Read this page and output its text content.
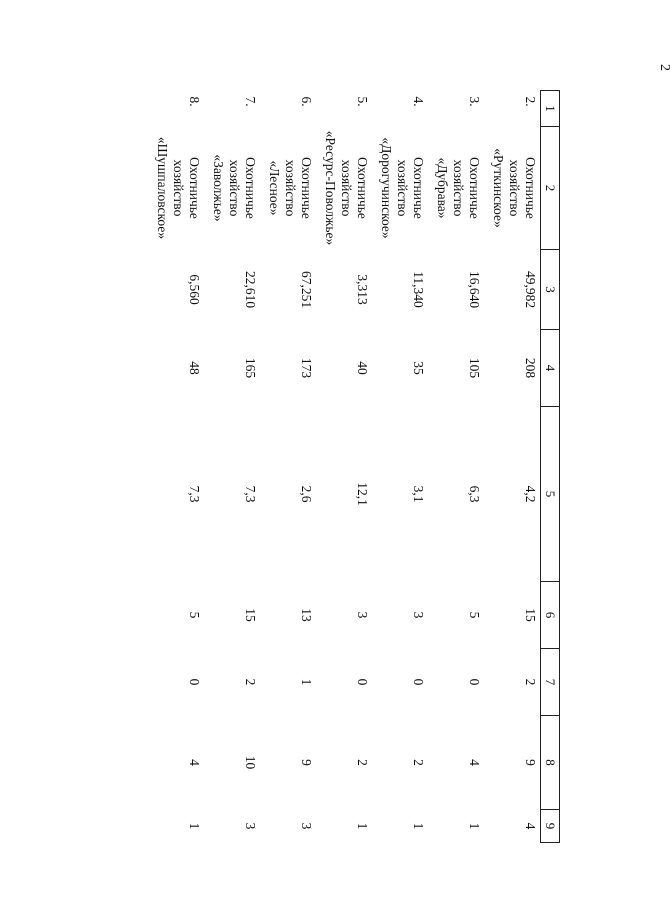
2
1	2	3	4	5	6	7	8	9
2.	Охотничье
хозяйство
«Руткинское»	49,982	208	4,2	15	2	9	4
3.	Охотничье
хозяйство
«Дубрава»	16,640	105	6,3	5	0	4	1
4.	Охотничье
хозяйство
«Дорогучинское»	11,340	35	3,1	3	0	2	1
5.	Охотничье
хозяйство
«Ресурс-Поволжье»	3,313	40	12,1	3	0	2	1
6.	Охотничье
хозяйство
«Лесное»	67,251	173	2,6	13	1	9	3
7.	Охотничье
хозяйство
«Заволжье»	22,610	165	7,3	15	2	10	3
8.	Охотничье
хозяйство
«Шушпаловское»	6,560	48	7,3	5	0	4	1
